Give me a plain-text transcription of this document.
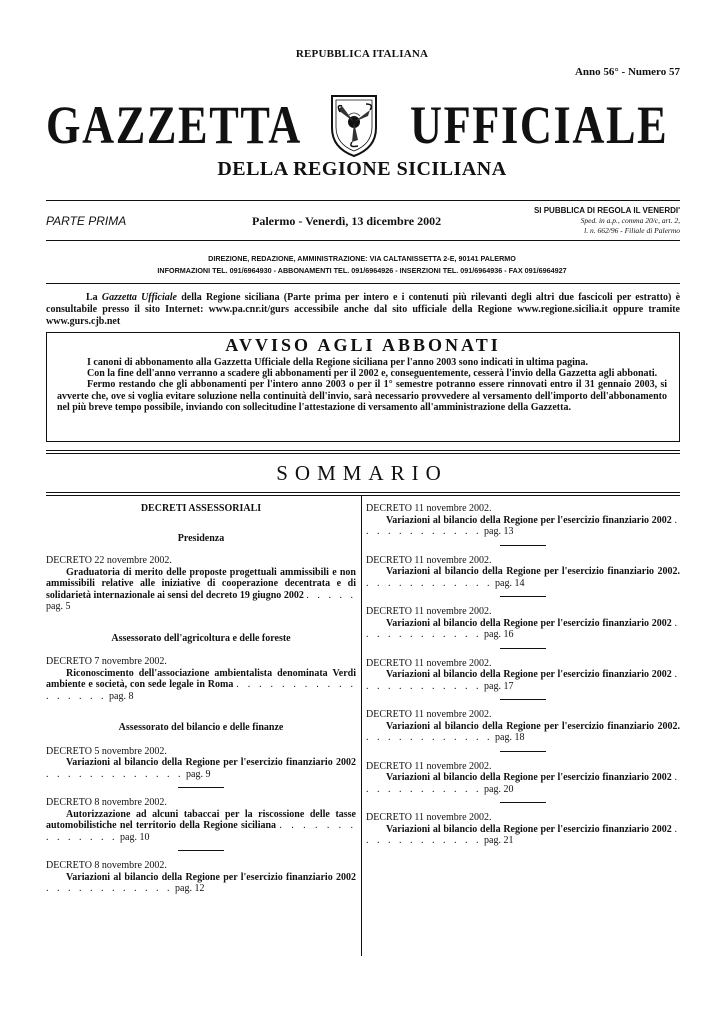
REPUBBLICA ITALIANA
Anno 56° - Numero 57
GAZZETTA UFFICIALE
DELLA REGIONE SICILIANA
PARTE PRIMA	Palermo - Venerdì, 13 dicembre 2002
SI PUBBLICA DI REGOLA IL VENERDI'
Sped. in a.p., comma 20/c, art. 2,
l. n. 662/96 - Filiale di Palermo
DIREZIONE, REDAZIONE, AMMINISTRAZIONE: VIA CALTANISSETTA 2-E, 90141 PALERMO
INFORMAZIONI TEL. 091/6964930 - ABBONAMENTI TEL. 091/6964926 - INSERZIONI TEL. 091/6964936 - FAX 091/6964927
La Gazzetta Ufficiale della Regione siciliana (Parte prima per intero e i contenuti più rilevanti degli altri due fascicoli per estratto) è consultabile presso il sito Internet: www.pa.cnr.it/gurs accessibile anche dal sito ufficiale della Regione www.regione.sicilia.it oppure tramite www.gurs.cjb.net
AVVISO AGLI ABBONATI

I canoni di abbonamento alla Gazzetta Ufficiale della Regione siciliana per l'anno 2003 sono indicati in ultima pagina.

Con la fine dell'anno verranno a scadere gli abbonamenti per il 2002 e, conseguentemente, cesserà l'invio della Gazzetta agli abbonati.

Fermo restando che gli abbonamenti per l'intero anno 2003 o per il 1° semestre potranno essere rinnovati entro il 31 gennaio 2003, si avverte che, ove si voglia evitare soluzione nella continuità dell'invio, sarà necessario provvedere al versamento dell'importo dell'abbonamento nel più breve tempo possibile, inviando con sollecitudine l'attestazione di versamento all'amministrazione della Gazzetta.

SOMMARIO

DECRETI ASSESSORIALI

Presidenza

DECRETO 22 novembre 2002.

Graduatoria di merito delle proposte progettuali ammissibili e non ammissibili relative alle iniziative di cooperazione decentrata e di solidarietà internazionale ai sensi del decreto 19 giugno 2002 . . . . . pag. 5

Assessorato dell'agricoltura e delle foreste

DECRETO 7 novembre 2002.

Riconoscimento dell'associazione ambientalista denominata Verdi ambiente e società, con sede legale in Roma . . . . . . . . . . . . . . . . . pag. 8

Assessorato del bilancio e delle finanze

DECRETO 5 novembre 2002.

Variazioni al bilancio della Regione per l'esercizio finanziario 2002 . . . . . . . . . . . . . pag. 9

DECRETO 8 novembre 2002.

Autorizzazione ad alcuni tabaccai per la riscossione delle tasse automobilistiche nel territorio della Regione siciliana . . . . . . . . . . . . . . pag. 10

DECRETO 8 novembre 2002.

Variazioni al bilancio della Regione per l'esercizio finanziario 2002 . . . . . . . . . . . . pag. 12

DECRETO 11 novembre 2002.

Variazioni al bilancio della Regione per l'esercizio finanziario 2002 . . . . . . . . . . . . pag. 13

DECRETO 11 novembre 2002.

Variazioni al bilancio della Regione per l'esercizio finanziario 2002. . . . . . . . . . . . . pag. 14

DECRETO 11 novembre 2002.

Variazioni al bilancio della Regione per l'esercizio finanziario 2002 . . . . . . . . . . . . pag. 16

DECRETO 11 novembre 2002.

Variazioni al bilancio della Regione per l'esercizio finanziario 2002 . . . . . . . . . . . . pag. 17

DECRETO 11 novembre 2002.

Variazioni al bilancio della Regione per l'esercizio finanziario 2002. . . . . . . . . . . . . pag. 18

DECRETO 11 novembre 2002.

Variazioni al bilancio della Regione per l'esercizio finanziario 2002 . . . . . . . . . . . . pag. 20

DECRETO 11 novembre 2002.

Variazioni al bilancio della Regione per l'esercizio finanziario 2002 . . . . . . . . . . . . pag. 21
